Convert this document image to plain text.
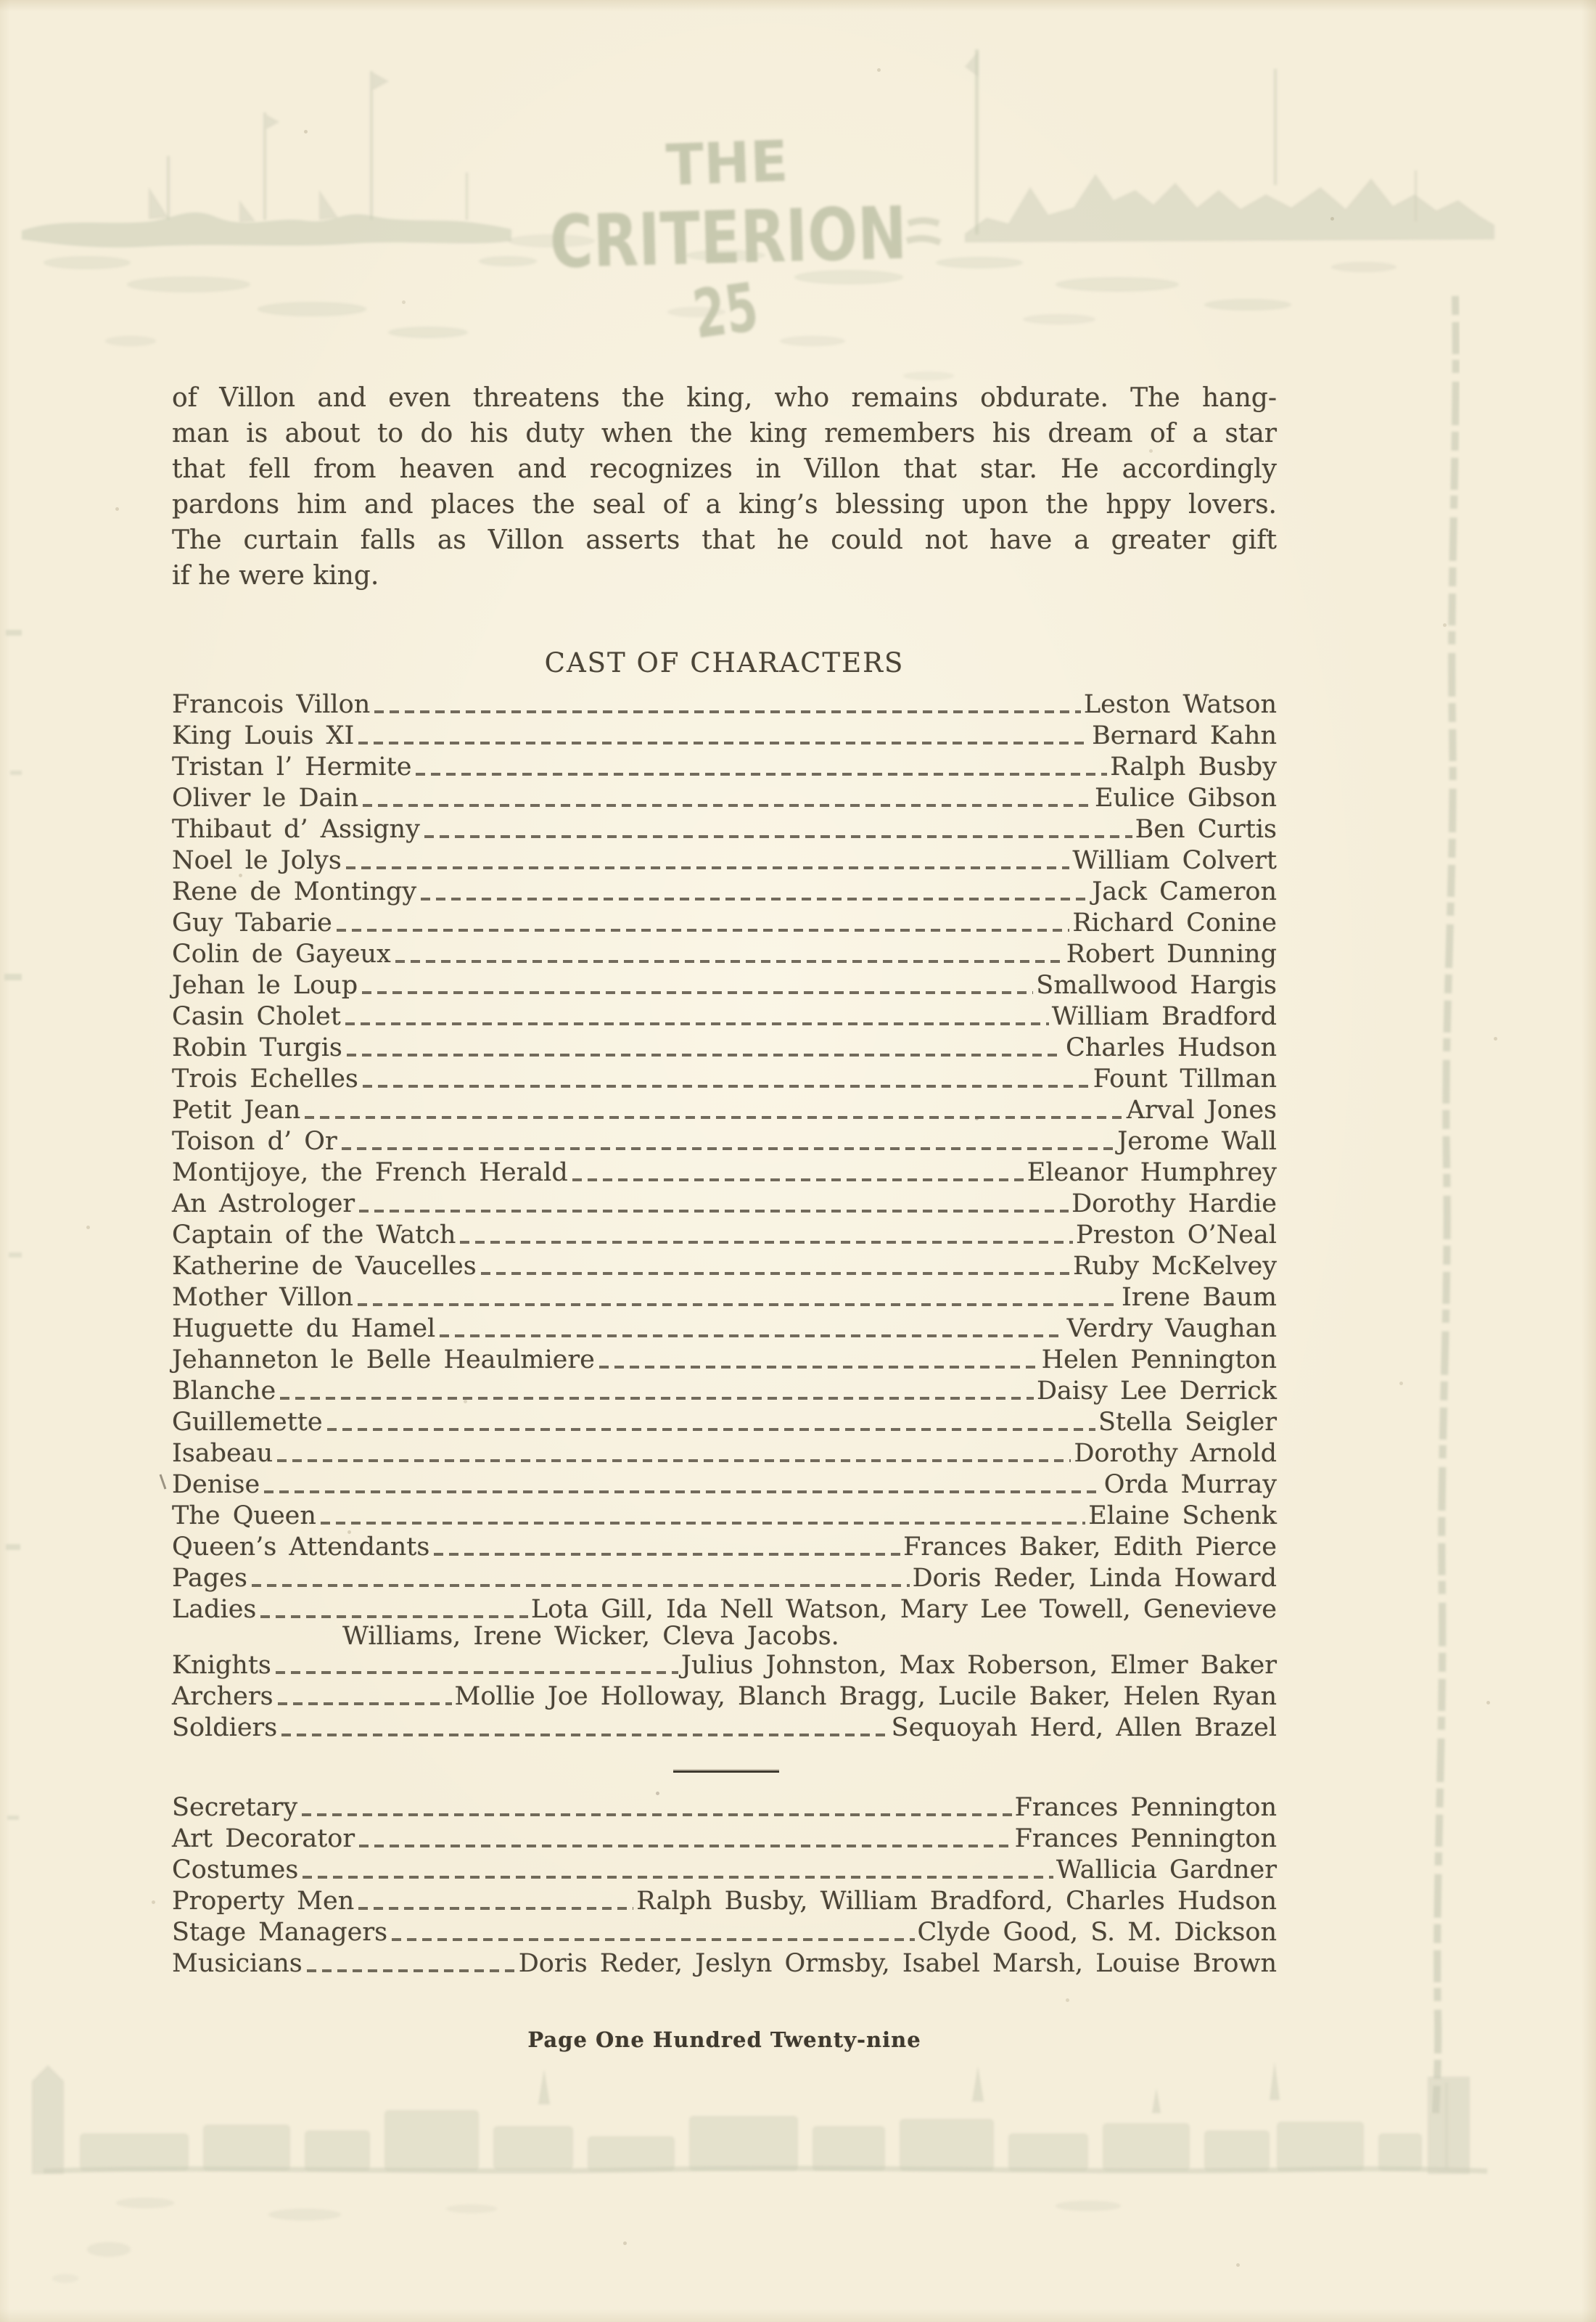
THE
CRITERION
25
of Villon and even threatens the king, who remains obdurate. The hang-
man is about to do his duty when the king remembers his dream of a star
that fell from heaven and recognizes in Villon that star. He accordingly
pardons him and places the seal of a king’s blessing upon the hppy lovers.
The curtain falls as Villon asserts that he could not have a greater gift
if he were king.
CAST OF CHARACTERS
Francois Villon	Leston Watson
King Louis XI	Bernard Kahn
Tristan l’ Hermite	Ralph Busby
Oliver le Dain	Eulice Gibson
Thibaut d’ Assigny	Ben Curtis
Noel le Jolys	William Colvert
Rene de Montingy	Jack Cameron
Guy Tabarie	Richard Conine
Colin de Gayeux	Robert Dunning
Jehan le Loup	Smallwood Hargis
Casin Cholet	William Bradford
Robin Turgis	Charles Hudson
Trois Echelles	Fount Tillman
Petit Jean	Arval Jones
Toison d’ Or	Jerome Wall
Montijoye, the French Herald	Eleanor Humphrey
An Astrologer	Dorothy Hardie
Captain of the Watch	Preston O’Neal
Katherine de Vaucelles	Ruby McKelvey
Mother Villon	Irene Baum
Huguette du Hamel	Verdry Vaughan
Jehanneton le Belle Heaulmiere	Helen Pennington
Blanche	Daisy Lee Derrick
Guillemette	Stella Seigler
Isabeau	Dorothy Arnold
Denise	Orda Murray
The Queen	Elaine Schenk
Queen’s Attendants	Frances Baker, Edith Pierce
Pages	Doris Reder, Linda Howard
Ladies	Lota Gill, Ida Nell Watson, Mary Lee Towell, Genevieve
Williams, Irene Wicker, Cleva Jacobs.
Knights	Julius Johnston, Max Roberson, Elmer Baker
Archers	Mollie Joe Holloway, Blanch Bragg, Lucile Baker, Helen Ryan
Soldiers	Sequoyah Herd, Allen Brazel
Secretary	Frances Pennington
Art Decorator	Frances Pennington
Costumes	Wallicia Gardner
Property Men	Ralph Busby, William Bradford, Charles Hudson
Stage Managers	Clyde Good, S. M. Dickson
Musicians	Doris Reder, Jeslyn Ormsby, Isabel Marsh, Louise Brown
Page One Hundred Twenty-nine
